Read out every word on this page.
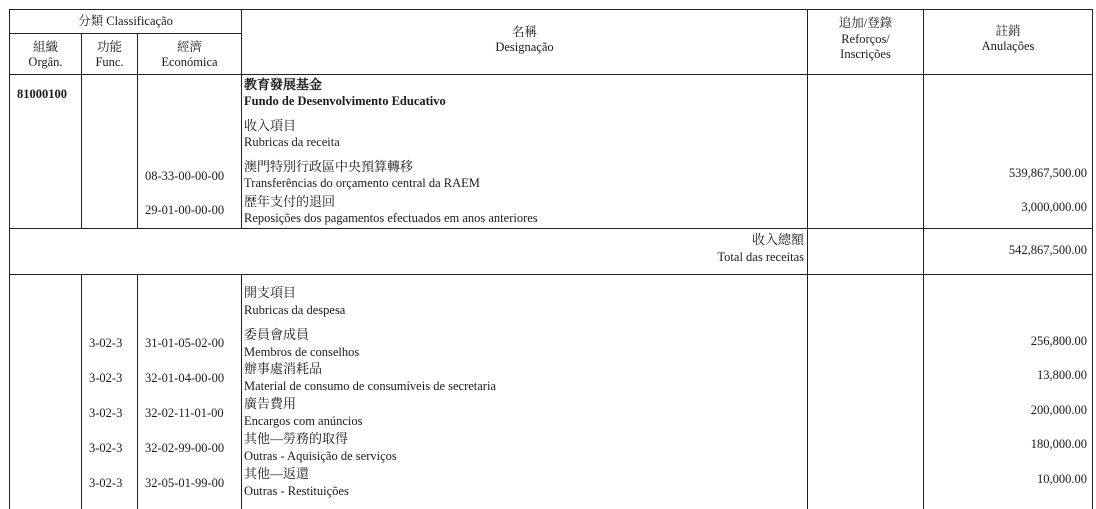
分類 Classificação
組織
Orgân.
功能
Func.
經濟
Económica
名稱
Designação
追加/登錄
Reforços/
Inscrições
註銷
Anulações
81000100
教育發展基金
Fundo de Desenvolvimento Educativo
收入項目
Rubricas da receita
08-33-00-00-00
澳門特別行政區中央預算轉移
Transferências do orçamento central da RAEM
539,867,500.00
29-01-00-00-00
歷年支付的退回
Reposições dos pagamentos efectuados em anos anteriores
3,000,000.00
收入總額
Total das receitas	542,867,500.00
開支項目
Rubricas da despesa
3-02-3 31-01-05-02-00
委員會成員
Membros de conselhos
256,800.00
3-02-3 32-01-04-00-00
辦事處消耗品
Material de consumo de consumíveis de secretaria
13,800.00
3-02-3 32-02-11-01-00
廣告費用
Encargos com anúncios
200,000.00
3-02-3 32-02-99-00-00
其他—勞務的取得
Outras - Aquisição de serviços
180,000.00
3-02-3 32-05-01-99-00
其他—返還
Outras - Restituições
10,000.00
